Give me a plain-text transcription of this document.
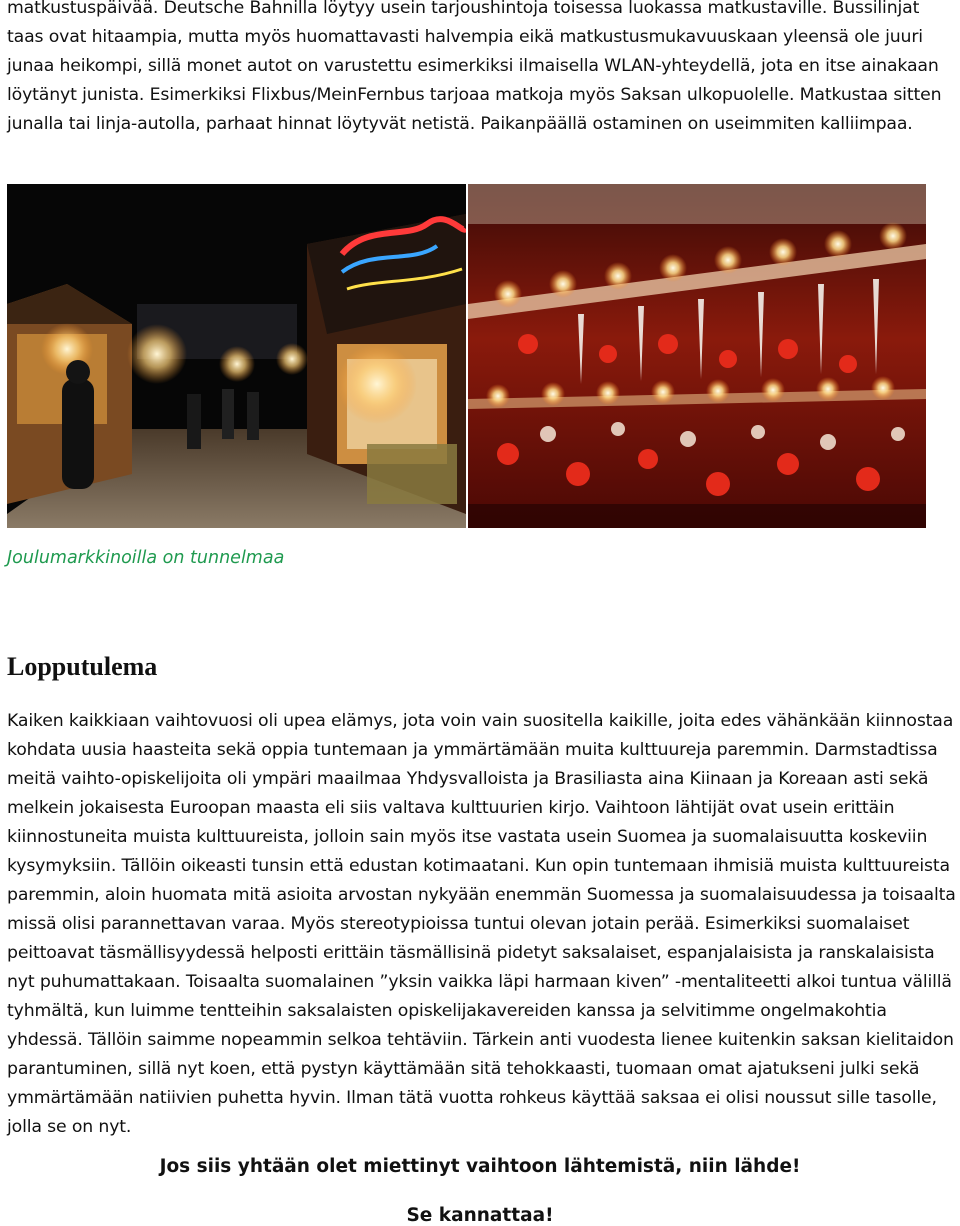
matkustuspäivää. Deutsche Bahnilla löytyy usein tarjoushintoja toisessa luokassa matkustaville. Bussilinjat taas ovat hitaampia, mutta myös huomattavasti halvempia eikä matkustusmukavuuskaan yleensä ole juuri junaa heikompi, sillä monet autot on varustettu esimerkiksi ilmaisella WLAN-yhteydellä, jota en itse ainakaan löytänyt junista. Esimerkiksi Flixbus/MeinFernbus tarjoaa matkoja myös Saksan ulkopuolelle. Matkustaa sitten junalla tai linja-autolla, parhaat hinnat löytyvät netistä. Paikanpäällä ostaminen on useimmiten kalliimpaa.

Joulumarkkinoilla on tunnelmaa

Lopputulema

Kaiken kaikkiaan vaihtovuosi oli upea elämys, jota voin vain suositella kaikille, joita edes vähänkään kiinnostaa kohdata uusia haasteita sekä oppia tuntemaan ja ymmärtämään muita kulttuureja paremmin. Darmstadtissa meitä vaihto-opiskelijoita oli ympäri maailmaa Yhdysvalloista ja Brasiliasta aina Kiinaan ja Koreaan asti sekä melkein jokaisesta Euroopan maasta eli siis valtava kulttuurien kirjo. Vaihtoon lähtijät ovat usein erittäin kiinnostuneita muista kulttuureista, jolloin sain myös itse vastata usein Suomea ja suomalaisuutta koskeviin kysymyksiin. Tällöin oikeasti tunsin että edustan kotimaatani. Kun opin tuntemaan ihmisiä muista kulttuureista paremmin, aloin huomata mitä asioita arvostan nykyään enemmän Suomessa ja suomalaisuudessa ja toisaalta missä olisi parannettavan varaa. Myös stereotypioissa tuntui olevan jotain perää. Esimerkiksi suomalaiset peittoavat täsmällisyydessä helposti erittäin täsmällisinä pidetyt saksalaiset, espanjalaisista ja ranskalaisista nyt puhumattakaan. Toisaalta suomalainen ”yksin vaikka läpi harmaan kiven” -mentaliteetti alkoi tuntua välillä tyhmältä, kun luimme tentteihin saksalaisten opiskelijakavereiden kanssa ja selvitimme ongelmakohtia yhdessä. Tällöin saimme nopeammin selkoa tehtäviin. Tärkein anti vuodesta lienee kuitenkin saksan kielitaidon parantuminen, sillä nyt koen, että pystyn käyttämään sitä tehokkaasti, tuomaan omat ajatukseni julki sekä ymmärtämään natiivien puhetta hyvin. Ilman tätä vuotta rohkeus käyttää saksaa ei olisi noussut sille tasolle, jolla se on nyt.

Jos siis yhtään olet miettinyt vaihtoon lähtemistä, niin lähde!

Se kannattaa!
